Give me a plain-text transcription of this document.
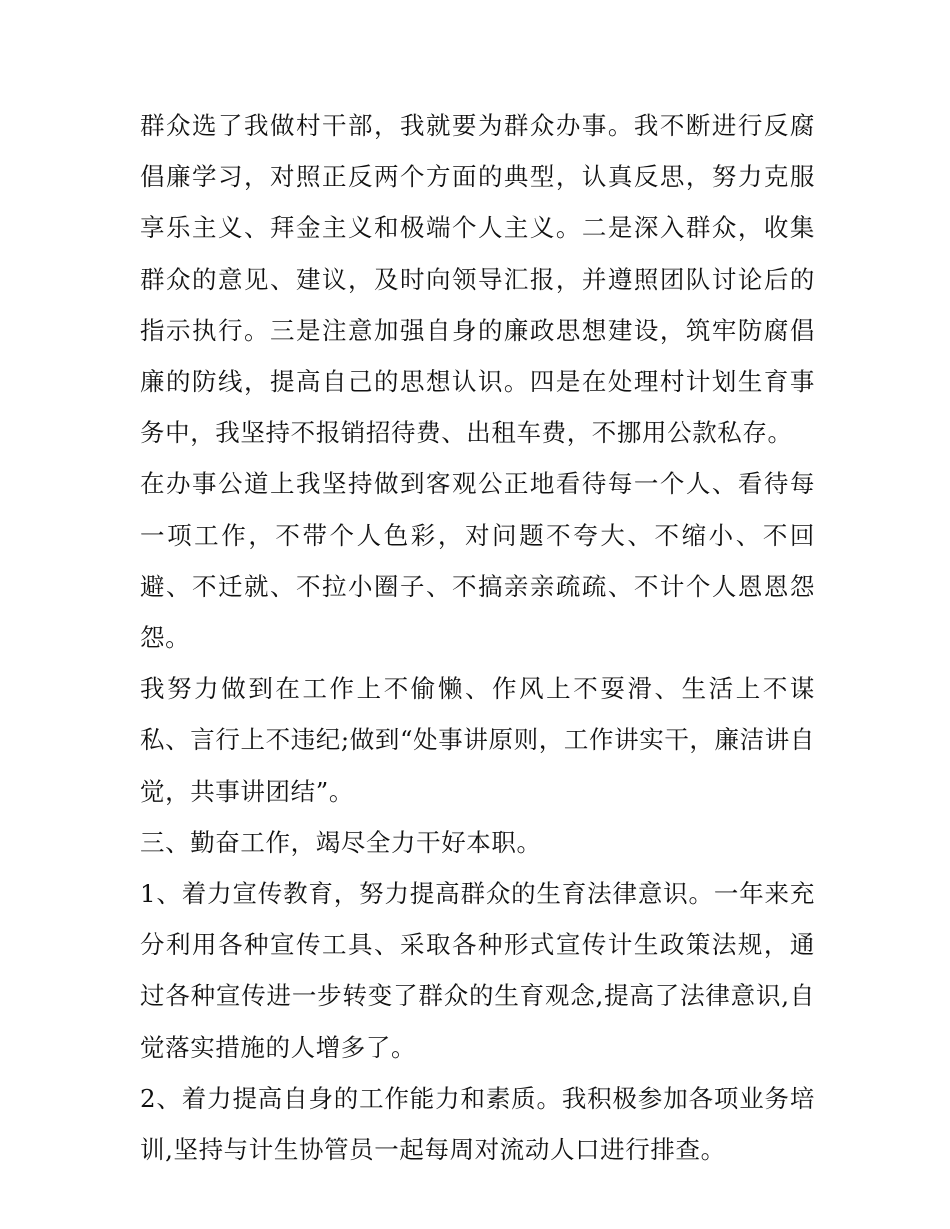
群众选了我做村干部，我就要为群众办事。我不断进行反腐倡廉学习，对照正反两个方面的典型，认真反思，努力克服享乐主义、拜金主义和极端个人主义。二是深入群众，收集群众的意见、建议，及时向领导汇报，并遵照团队讨论后的指示执行。三是注意加强自身的廉政思想建设，筑牢防腐倡廉的防线，提高自己的思想认识。四是在处理村计划生育事务中，我坚持不报销招待费、出租车费，不挪用公款私存。

在办事公道上我坚持做到客观公正地看待每一个人、看待每一项工作，不带个人色彩，对问题不夸大、不缩小、不回避、不迁就、不拉小圈子、不搞亲亲疏疏、不计个人恩恩怨怨。

我努力做到在工作上不偷懒、作风上不耍滑、生活上不谋私、言行上不违纪;做到“处事讲原则，工作讲实干，廉洁讲自觉，共事讲团结”。

三、勤奋工作，竭尽全力干好本职。

1、着力宣传教育，努力提高群众的生育法律意识。一年来充分利用各种宣传工具、采取各种形式宣传计生政策法规，通过各种宣传进一步转变了群众的生育观念,提高了法律意识,自觉落实措施的人增多了。

2、着力提高自身的工作能力和素质。我积极参加各项业务培训,坚持与计生协管员一起每周对流动人口进行排查。
